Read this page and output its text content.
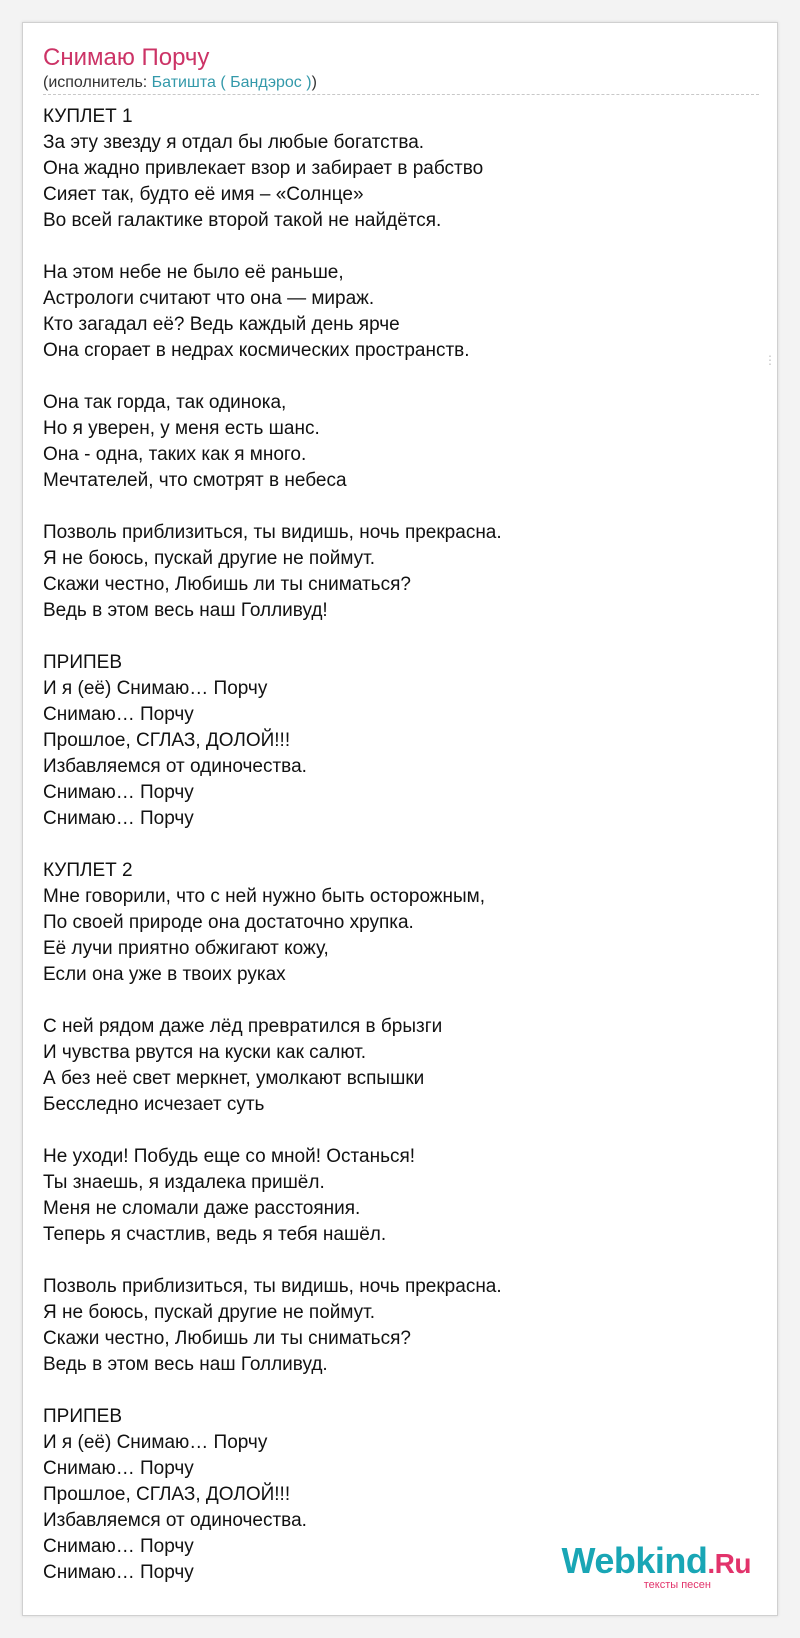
Снимаю Порчу
(исполнитель: Батишта ( Бандэрос ))
КУПЛЕТ 1
За эту звезду я отдал бы любые богатства.
Она жадно привлекает взор и забирает в рабство
Сияет так, будто её имя – «Солнце»
Во всей галактике второй такой не найдётся.
На этом небе не было её раньше,
Астрологи считают что она — мираж.
Кто загадал её? Ведь каждый день ярче
Она сгорает в недрах космических пространств.
Она так горда, так одинока,
Но я уверен, у меня есть шанс.
Она - одна, таких как я много.
Мечтателей, что смотрят в небеса
Позволь приблизиться, ты видишь, ночь прекрасна.
Я не боюсь, пускай другие не поймут.
Скажи честно, Любишь ли ты сниматься?
Ведь в этом весь наш Голливуд!
ПРИПЕВ
И я (её) Снимаю… Порчу
Снимаю… Порчу
Прошлое, СГЛАЗ, ДОЛОЙ!!!
Избавляемся от одиночества.
Снимаю… Порчу
Снимаю… Порчу
КУПЛЕТ 2
Мне говорили, что с ней нужно быть осторожным,
По своей природе она достаточно хрупка.
Её лучи приятно обжигают кожу,
Если она уже в твоих руках
С ней рядом даже лёд превратился в брызги
И чувства рвутся на куски как салют.
А без неё свет меркнет, умолкают вспышки
Бесследно исчезает суть
Не уходи! Побудь еще со мной! Останься!
Ты знаешь, я издалека пришёл.
Меня не сломали даже расстояния.
Теперь я счастлив, ведь я тебя нашёл.
Позволь приблизиться, ты видишь, ночь прекрасна.
Я не боюсь, пускай другие не поймут.
Скажи честно, Любишь ли ты сниматься?
Ведь в этом весь наш Голливуд.
ПРИПЕВ
И я (её) Снимаю… Порчу
Снимаю… Порчу
Прошлое, СГЛАЗ, ДОЛОЙ!!!
Избавляемся от одиночества.
Снимаю… Порчу
Снимаю… Порчу	Webkind.Ru
тексты песен
⋮
